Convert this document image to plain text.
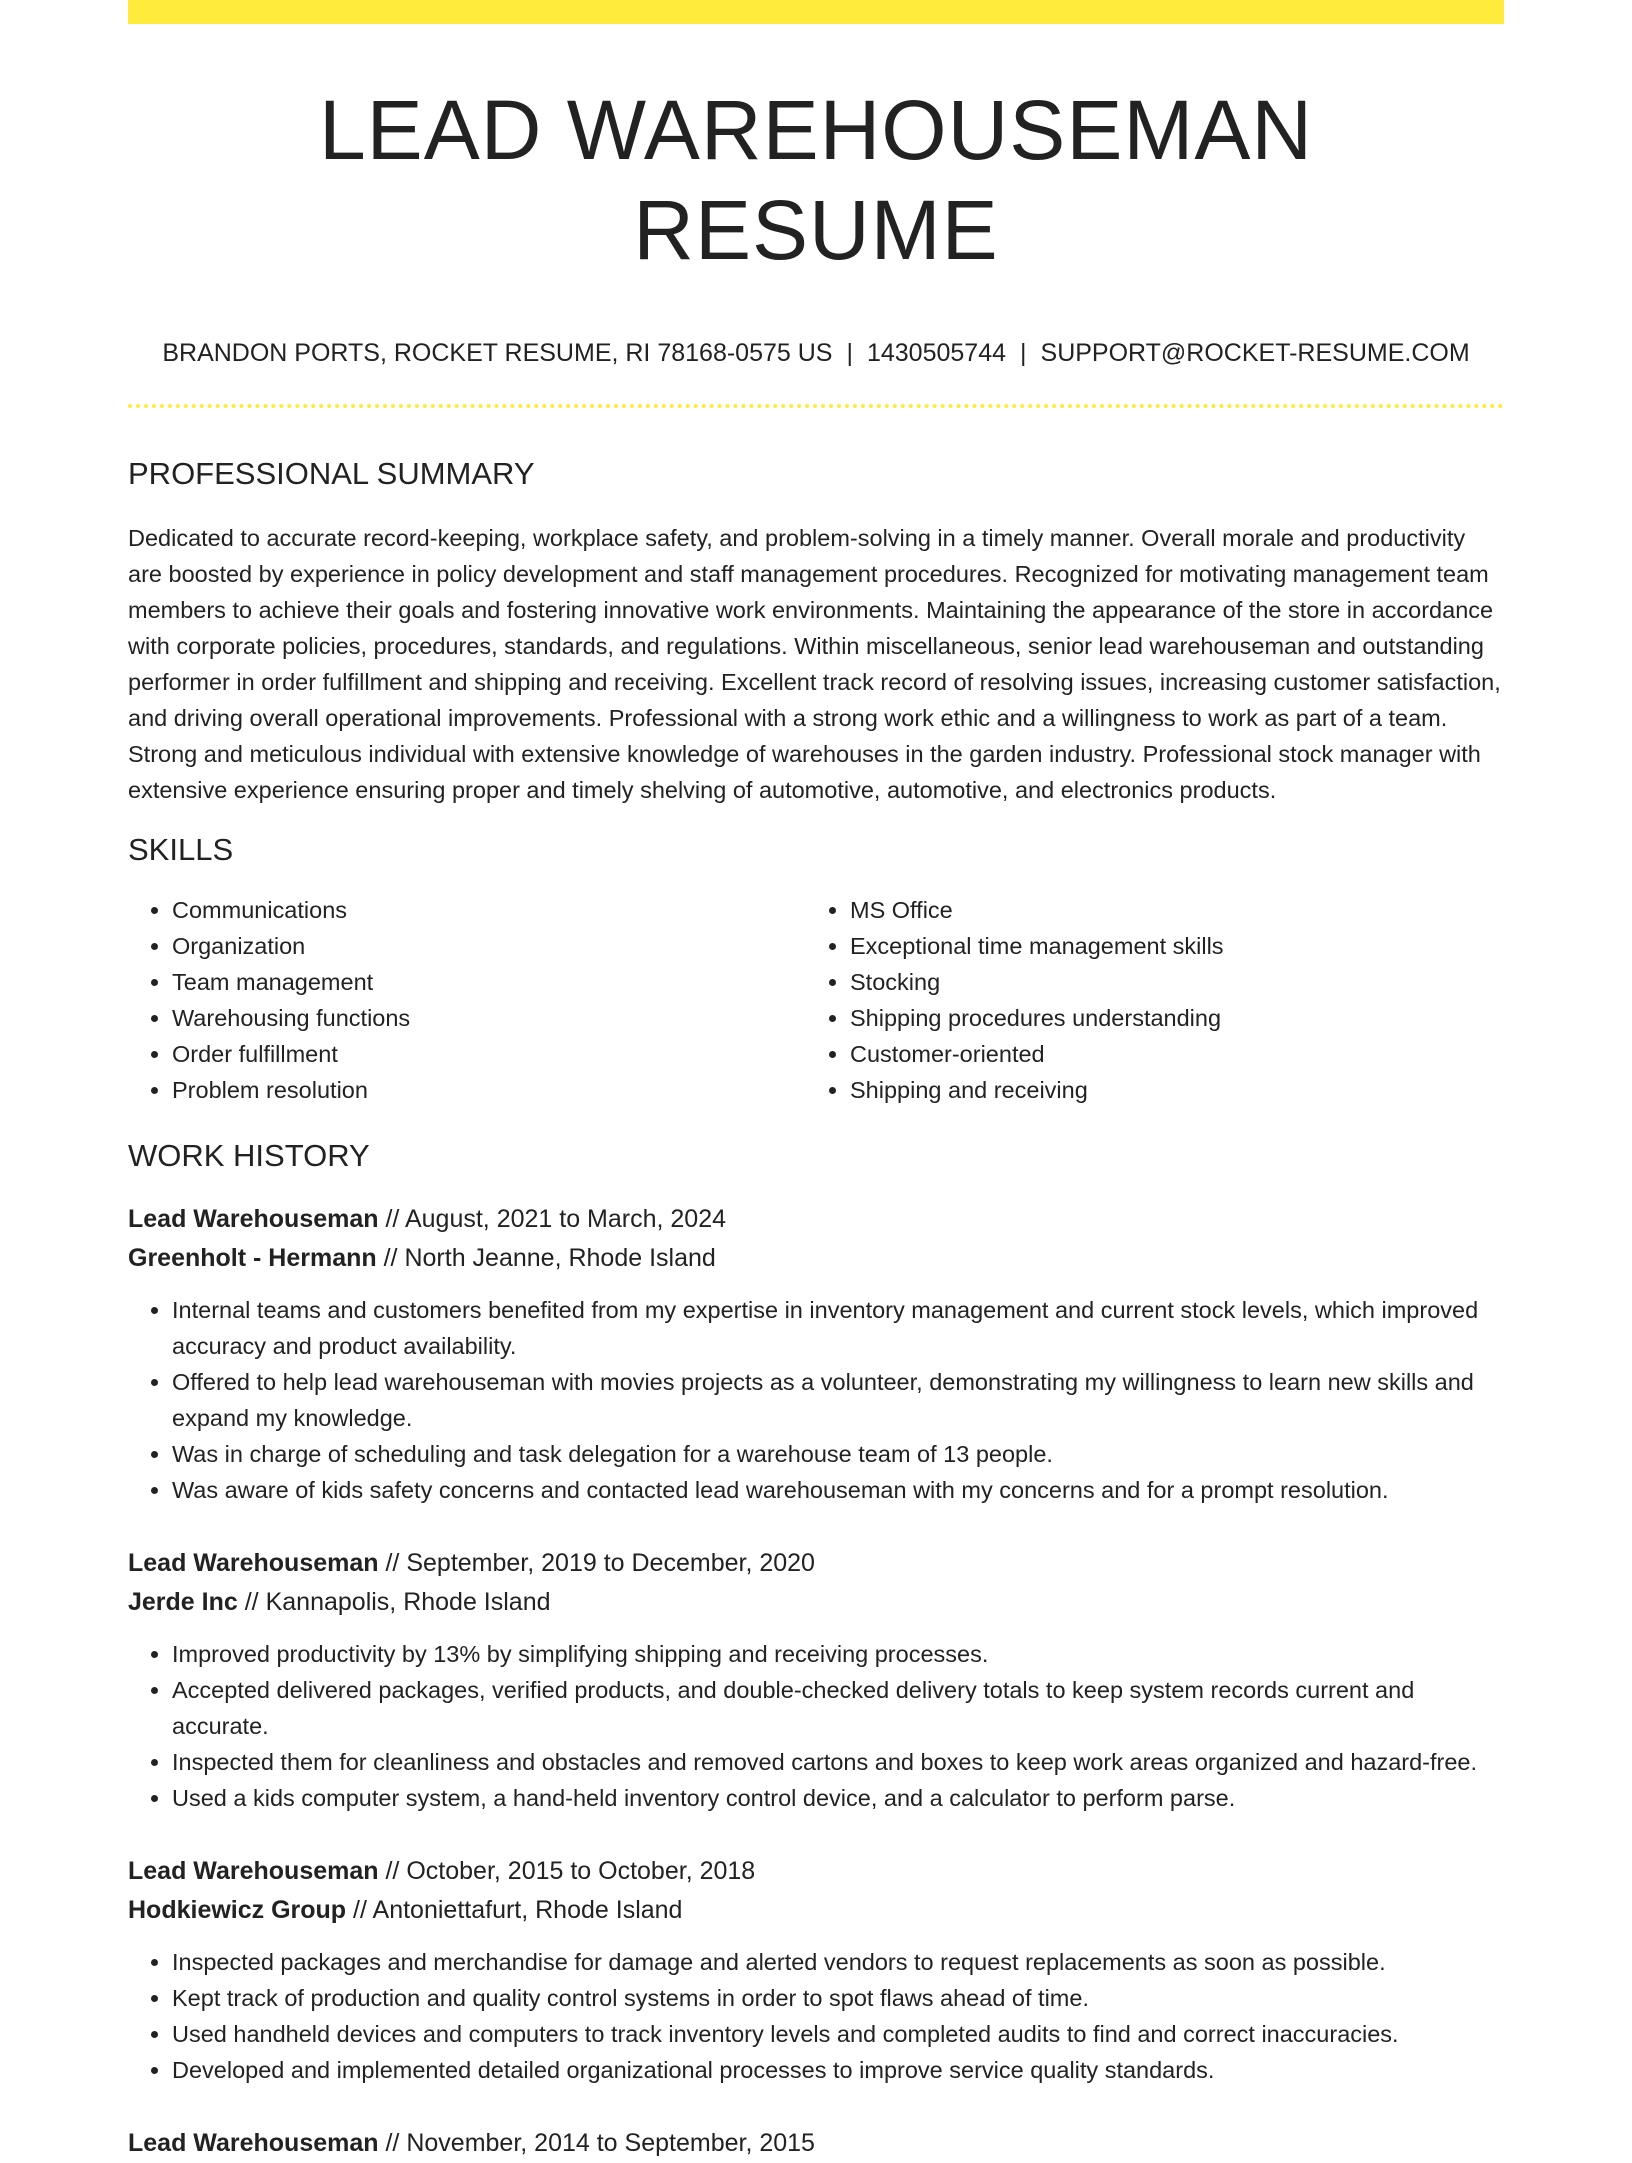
LEAD WAREHOUSEMAN RESUME
BRANDON PORTS, ROCKET RESUME, RI 78168-0575 US | 1430505744 | SUPPORT@ROCKET-RESUME.COM
PROFESSIONAL SUMMARY

Dedicated to accurate record-keeping, workplace safety, and problem-solving in a timely manner. Overall morale and productivity are boosted by experience in policy development and staff management procedures. Recognized for motivating management team members to achieve their goals and fostering innovative work environments. Maintaining the appearance of the store in accordance with corporate policies, procedures, standards, and regulations. Within miscellaneous, senior lead warehouseman and outstanding performer in order fulfillment and shipping and receiving. Excellent track record of resolving issues, increasing customer satisfaction, and driving overall operational improvements. Professional with a strong work ethic and a willingness to work as part of a team. Strong and meticulous individual with extensive knowledge of warehouses in the garden industry. Professional stock manager with extensive experience ensuring proper and timely shelving of automotive, automotive, and electronics products.

SKILLS
• Communications
• Organization
• Team management
• Warehousing functions
• Order fulfillment
• Problem resolution
• MS Office
• Exceptional time management skills
• Stocking
• Shipping procedures understanding
• Customer-oriented
• Shipping and receiving
WORK HISTORY
Lead Warehouseman // August, 2021 to March, 2024
Greenholt - Hermann // North Jeanne, Rhode Island
• Internal teams and customers benefited from my expertise in inventory management and current stock levels, which improved accuracy and product availability.
• Offered to help lead warehouseman with movies projects as a volunteer, demonstrating my willingness to learn new skills and expand my knowledge.
• Was in charge of scheduling and task delegation for a warehouse team of 13 people.
• Was aware of kids safety concerns and contacted lead warehouseman with my concerns and for a prompt resolution.
Lead Warehouseman // September, 2019 to December, 2020
Jerde Inc // Kannapolis, Rhode Island
• Improved productivity by 13% by simplifying shipping and receiving processes.
• Accepted delivered packages, verified products, and double-checked delivery totals to keep system records current and accurate.
• Inspected them for cleanliness and obstacles and removed cartons and boxes to keep work areas organized and hazard-free.
• Used a kids computer system, a hand-held inventory control device, and a calculator to perform parse.
Lead Warehouseman // October, 2015 to October, 2018
Hodkiewicz Group // Antoniettafurt, Rhode Island
• Inspected packages and merchandise for damage and alerted vendors to request replacements as soon as possible.
• Kept track of production and quality control systems in order to spot flaws ahead of time.
• Used handheld devices and computers to track inventory levels and completed audits to find and correct inaccuracies.
• Developed and implemented detailed organizational processes to improve service quality standards.
Lead Warehouseman // November, 2014 to September, 2015
